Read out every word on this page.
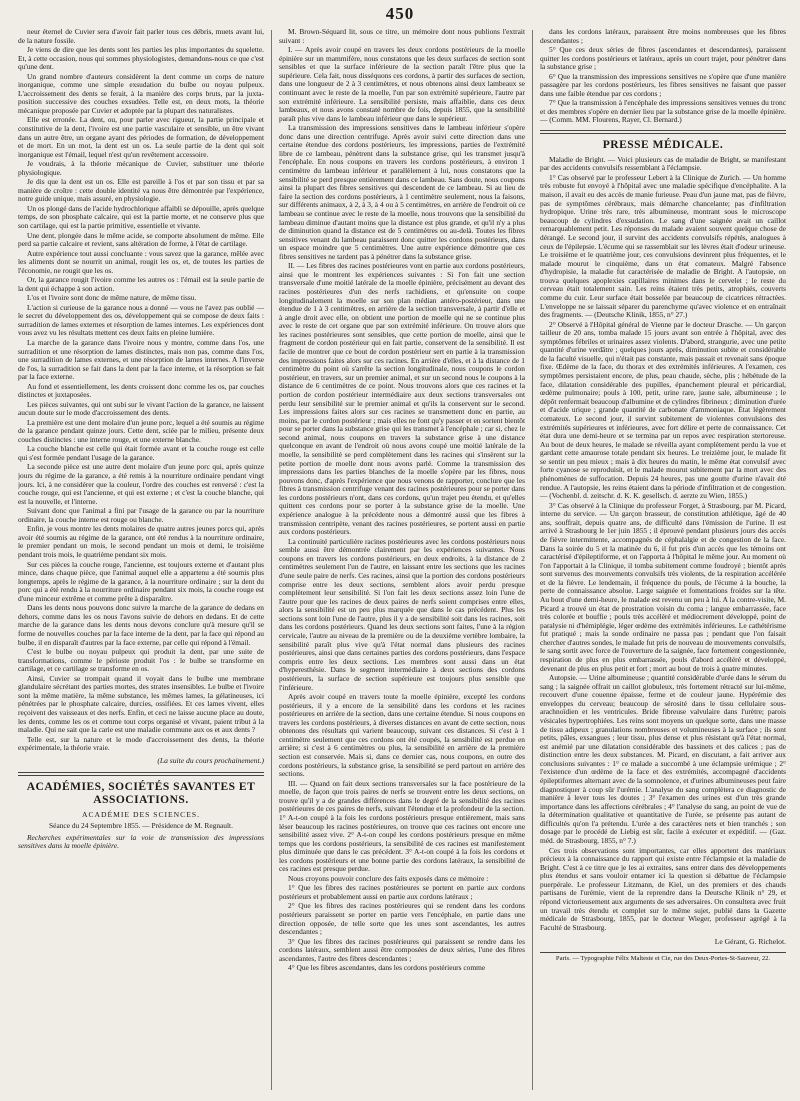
450

neur éternel de Cuvier sera d'avoir fait parler tous ces débris, muets avant lui, de la nature fossile.

Je viens de dire que les dents sont les parties les plus importantes du squelette. Et, à cette occasion, nous qui sommes physiologistes, demandons-nous ce que c'est qu'une dent.

Un grand nombre d'auteurs considèrent la dent comme un corps de nature inorganique, comme une simple exsudation du bulbe ou noyau pulpeux. L'accroissement des dents se ferait, à la manière des corps bruts, par la juxta-position successive des couches exsudées. Telle est, en deux mots, la théorie mécanique proposée par Cuvier et adoptée par la plupart des naturalistes.

Elle est erronée. La dent, ou, pour parler avec rigueur, la partie principale et constitutive de la dent, l'ivoire est une partie vasculaire et sensible, un être vivant dans un autre être, un organe ayant des périodes de formation, de développement et de mort. En un mot, la dent est un os. La seule partie de la dent qui soit inorganique est l'émail, lequel n'est qu'un revêtement accessoire.

Je voudrais, à la théorie mécanique de Cuvier, substituer une théorie physiologique.

Je dis que la dent est un os. Elle est pareille à l'os et par son tissu et par sa manière de croître : cette double identité va nous être démontrée par l'expérience, notre guide unique, mais assuré, en physiologie.

Un os plongé dans de l'acide hydrochlorique affaibli se dépouille, après quelque temps, de son phosphate calcaire, qui est la partie morte, et ne conserve plus que son cartilage, qui est la partie primitive, essentielle et vivante.

Une dent, plongée dans le même acide, se comporte absolument de même. Elle perd sa partie calcaire et revient, sans altération de forme, à l'état de cartilage.

Autre expérience tout aussi concluante : vous savez que la garance, mêlée avec les aliments dont se nourrit un animal, rougit les os, et, de toutes les parties de l'économie, ne rougit que les os.

Or, la garance rougit l'ivoire comme les autres os : l'émail est la seule partie de la dent qui échappe à son action.

L'os et l'ivoire sont donc de même nature, de même tissu.

L'action si curieuse de la garance nous a donné — vous ne l'avez pas oublié — le secret du développement des os, développement qui se compose de deux faits : surradition de lames externes et résorption de lames internes. Les expériences dont vous avez vu les résultats mettent ces deux faits en pleine lumière.

La marche de la garance dans l'ivoire nous y montre, comme dans l'os, une surradition et une résorption de lames distinctes, mais non pas, comme dans l'os, une surradition de lames externes, et une résorption de lames internes. A l'inverse de l'os, la surradition se fait dans la dent par la face interne, et la résorption se fait par la face externe.

Au fond et essentiellement, les dents croissent donc comme les os, par couches distinctes et juxtaposées.

Les pièces suivantes, qui ont subi sur le vivant l'action de la garance, ne laissent aucun doute sur le mode d'accroissement des dents.

La première est une dent molaire d'un jeune porc, lequel a été soumis au régime de la garance pendant quinze jours. Cette dent, sciée par le milieu, présente deux couches distinctes : une interne rouge, et une externe blanche.

La couche blanche est celle qui était formée avant et la couche rouge est celle qui s'est formée pendant l'usage de la garance.

La seconde pièce est une autre dent molaire d'un jeune porc qui, après quinze jours du régime de la garance, a été remis à la nourriture ordinaire pendant vingt jours. Ici, à ne considérer que la couleur, l'ordre des couches est renversé : c'est la couche rouge, qui est l'ancienne, et qui est externe ; et c'est la couche blanche, qui est la nouvelle, et l'interne.

Suivant donc que l'animal a fini par l'usage de la garance ou par la nourriture ordinaire, la couche interne est rouge ou blanche.

Enfin, je vous montre les dents molaires de quatre autres jeunes porcs qui, après avoir été soumis au régime de la garance, ont été rendus à la nourriture ordinaire, le premier pendant un mois, le second pendant un mois et demi, le troisième pendant trois mois, le quatrième pendant six mois.

Sur ces pièces la couche rouge, l'ancienne, est toujours externe et d'autant plus mince, dans chaque pièce, que l'animal auquel elle a appartenu a été soumis plus longtemps, après le régime de la garance, à la nourriture ordinaire ; sur la dent du porc qui a été rendu à la nourriture ordinaire pendant six mois, la couche rouge est d'une minceur extrême et comme prête à disparaître.

Dans les dents nous pouvons donc suivre la marche de la garance de dedans en dehors, comme dans les os nous l'avons suivie de dehors en dedans. Et de cette marche de la garance dans les dents nous devons conclure qu'à mesure qu'il se forme de nouvelles couches par la face interne de la dent, par la face qui répond au bulbe, il en disparaît d'autres par la face externe, par celle qui répond à l'émail.

C'est le bulbe ou noyau pulpeux qui produit la dent, par une suite de transformations, comme le périoste produit l'os : le bulbe se transforme en cartilage, et ce cartilage se transforme en os.

Ainsi, Cuvier se trompait quand il voyait dans le bulbe une membrane glandulaire sécrétant des parties mortes, des strates insensibles. Le bulbe et l'ivoire sont la même matière, la même substance, les mêmes lames, la gélatineuses, ici pénétrées par le phosphate calcaire, durcies, ossifiées. Et ces lames vivent, elles reçoivent des vaisseaux et des nerfs. Enfin, et ceci ne laisse aucune place au doute, les dents, comme les os et comme tout corps organisé et vivant, paient tribut à la maladie. Qui ne sait que la carie est une maladie commune aux os et aux dents ?

Telle est, sur la nature et le mode d'accroissement des dents, la théorie expérimentale, la théorie vraie.

(La suite du cours prochainement.)
ACADÉMIES, SOCIÉTÉS SAVANTES ET ASSOCIATIONS.
ACADÉMIE DES SCIENCES.
Séance du 24 Septembre 1855. — Présidence de M. Regnault.

Recherches expérimentales sur la voie de transmission des impressions sensitives dans la moelle épinière.

M. Brown-Séquard lit, sous ce titre, un mémoire dont nous publions l'extrait suivant :

I. — Après avoir coupé en travers les deux cordons postérieurs de la moelle épinière sur un mammifère, nous constatons que les deux surfaces de section sont sensibles et que la surface inférieure de la section paraît l'être plus que la supérieure. Cela fait, nous disséquons ces cordons, à partir des surfaces de section, dans une longueur de 2 à 3 centimètres, et nous obtenons ainsi deux lambeaux se continuant avec le reste de la moelle, l'un par son extrémité supérieure, l'autre par son extrémité inférieure. La sensibilité persiste, mais affaiblie, dans ces deux lambeaux, et nous avons constaté nombre de fois, depuis 1855, que la sensibilité paraît plus vive dans le lambeau inférieur que dans le supérieur.

La transmission des impressions sensitives dans le lambeau inférieur s'opère donc dans une direction centrifuge. Après avoir suivi cette direction dans une certaine étendue des cordons postérieurs, les impressions, parties de l'extrémité libre de ce lambeau, pénètrent dans la substance grise, qui les transmet jusqu'à l'encéphale. En nous coupons en travers les cordons postérieurs, à environ 1 centimètre du lambeau inférieur et parallèlement à lui, nous constatons que la sensibilité se perd presque entièrement dans ce lambeau. Sans doute, nous coupons ainsi la plupart des fibres sensitives qui descendent de ce lambeau. Si au lieu de faire la section des cordons postérieurs, à 1 centimètre seulement, nous la faisons, sur différents animaux, à 2, à 3, à 4 ou à 5 centimètres, en arrière de l'endroit où ce lambeau se continue avec le reste de la moelle, nous trouvons que la sensibilité du lambeau diminue d'autant moins que la distance est plus grande, et qu'il n'y a plus de diminution quand la distance est de 5 centimètres ou au-delà. Toutes les fibres sensitives venant du lambeau paraissent donc quitter les cordons postérieurs, dans un espace moindre que 5 centimètres. Une autre expérience démontre que ces fibres sensitives ne tardent pas à pénétrer dans la substance grise.

II. — Les fibres des racines postérieures vont en partie aux cordons postérieurs, ainsi que le montrent les expériences suivantes : Si l'on fait une section transversale d'une moitié latérale de la moelle épinière, précisément au devant des racines postérieures d'un des nerfs rachidiens, et qu'ensuite on coupe longitudinalement la moelle sur son plan médian antéro-postérieur, dans une étendue de 1 à 3 centimètres, en arrière de la section transversale, à partir d'elle et à angle droit avec elle, on obtient une portion de moelle qui ne se continue plus avec le reste de cet organe que par son extrémité inférieure. On trouve alors que les racines postérieures sont sensibles, que cette portion de moelle, ainsi que le fragment de cordon postérieur qui en fait partie, conservent de la sensibilité. Il est facile de montrer que ce bout de cordon postérieur sert en partie à la transmission des impressions faites alors sur ces racines. En arrière d'elles, et à la distance de 1 centimètre du point où s'arrête la section longitudinale, nous coupons le cordon postérieur, en travers, sur un premier animal, et sur un second nous le coupons à la distance de 6 centimètres de ce point. Nous trouvons alors que ces racines et la portion de cordon postérieur intermédiaire aux deux sections transversales ont perdu leur sensibilité sur le premier animal et qu'ils la conservent sur le second. Les impressions faites alors sur ces racines se transmettent donc en partie, au moins, par le cordon postérieur ; mais elles ne font qu'y passer et en sortent bientôt pour se porter dans la substance grise qui les transmet à l'encéphale ; car si, chez le second animal, nous coupons en travers la substance grise à une distance quelconque en avant de l'endroit où nous avons coupé une moitié latérale de la moelle, la sensibilité se perd complètement dans les racines qui s'insèrent sur la petite portion de moelle dont nous avons parlé. Comme la transmission des impressions dans les parties blanches de la moelle s'opère par les fibres, nous pouvons donc, d'après l'expérience que nous venons de rapporter, conclure que les fibres à transmission centrifuge venant des racines postérieures pour se porter dans les cordons postérieurs n'ont, dans ces cordons, qu'un trajet peu étendu, et qu'elles quittent ces cordons pour se porter à la substance grise de la moelle. Une expérience analogue à la précédente nous a démontré aussi que les fibres à transmission centripète, venant des racines postérieures, se portent aussi en partie aux cordons postérieurs.

La continuité particulière racines postérieures avec les cordons postérieurs nous semble aussi être démontrée clairement par les expériences suivantes. Nous coupons en travers les cordons postérieurs, en deux endroits, à la distance de 2 centimètres seulement l'un de l'autre, en laissant entre les sections que les racines d'une seule paire de nerfs. Ces racines, ainsi que la portion des cordons postérieurs comprise entre les deux sections, semblent alors avoir perdu presque complètement leur sensibilité. Si l'on fait les deux sections assez loin l'une de l'autre pour que les racines de deux paires de nerfs soient comprises entre elles, alors la sensibilité est un peu plus marquée que dans le cas précédent. Plus les sections sont loin l'une de l'autre, plus il y a de sensibilité soit dans les racines, soit dans les cordons postérieurs. Quand les deux sections sont faites, l'une à la région cervicale, l'autre au niveau de la première ou de la deuxième vertèbre lombaire, la sensibilité paraît plus vive qu'à l'état normal dans plusieurs des racines postérieures, ainsi que dans certaines parties des cordons postérieurs, dans l'espace compris entre les deux sections. Les membres sont aussi dans un état d'hyperesthésie. Dans le segment intermédiaire à deux sections des cordons postérieurs, la surface de section supérieure est toujours plus sensible que l'inférieure.

Après avoir coupé en travers toute la moelle épinière, excepté les cordons postérieurs, il y a encore de la sensibilité dans les cordons et les racines postérieures en arrière de la section, dans une certaine étendue. Si nous coupons en travers les cordons postérieurs, à diverses distances en avant de cette section, nous obtenons des résultats qui varient beaucoup, suivant ces distances. Si c'est à 1 centimètre seulement que ces cordons ont été coupés, la sensibilité est perdue en arrière; si c'est à 6 centimètres ou plus, la sensibilité en arrière de la première section est conservée. Mais si, dans ce dernier cas, nous coupons, en outre des cordons postérieurs, la substance grise, la sensibilité se perd partout en arrière des sections.

III. — Quand on fait deux sections transversales sur la face postérieure de la moelle, de façon que trois paires de nerfs se trouvent entre les deux sections, on trouve qu'il y a de grandes différences dans le degré de la sensibilité des racines postérieures de ces paires de nerfs, suivant l'étendue et la profondeur de la section. 1° A-t-on coupé à la fois les cordons postérieurs presque entièrement, mais sans léser beaucoup les racines postérieures, on trouve que ces racines ont encore une sensibilité assez vive. 2° A-t-on coupé les cordons postérieurs presque en même temps que les cordons postérieurs, la sensibilité de ces racines est manifestement plus diminuée que dans le cas précédent. 3° A-t-on coupé à la fois les cordons et les cordons postérieurs et une bonne partie des cordons latéraux, la sensibilité de ces racines est presque perdue.

Nous croyons pouvoir conclure des faits exposés dans ce mémoire :

1° Que les fibres des racines postérieures se portent en partie aux cordons postérieurs et probablement aussi en partie aux cordons latéraux ;

2° Que les fibres des racines postérieures qui se rendent dans les cordons postérieurs paraissent se porter en partie vers l'encéphale, en partie dans une direction opposée, de telle sorte que les unes sont ascendantes, les autres descendantes ;

3° Que les fibres des racines postérieures qui paraissent se rendre dans les cordons latéraux, semblent aussi être composées de deux séries, l'une des fibres ascendantes, l'autre des fibres descendantes ;

4° Que les fibres ascendantes, dans les cordons postérieurs comme

dans les cordons latéraux, paraissent être moins nombreuses que les fibres descendantes ;

5° Que ces deux séries de fibres (ascendantes et descendantes), paraissent quitter les cordons postérieurs et latéraux, après un court trajet, pour pénétrer dans la substance grise ;

6° Que la transmission des impressions sensitives ne s'opère que d'une manière passagère par les cordons postérieurs, les fibres sensitives ne faisant que passer dans une faible étendue par ces cordons ;

7° Que la transmission à l'encéphale des impressions sensitives venues du tronc et des membres s'opère en dernier lieu par la substance grise de la moelle épinière. — (Comm. MM. Flourens, Rayer, Cl. Bernard.)

PRESSE MÉDICALE.

Maladie de Bright. — Voici plusieurs cas de maladie de Bright, se manifestant par des accidents convulsifs ressemblant à l'éclampsie.

1° Cas observé par le professeur Lebert à la Clinique de Zurich. — Un homme très robuste fut envoyé à l'hôpital avec une maladie spécifique d'encéphalite. A la maison, il avait eu des accès de manie furieuse. Peau d'un jaune mat, pas de fièvre, pas de symptômes cérébraux, mais démarche chancelante; pas d'infiltration hydropique. Urine très rare, très albumineuse, montrant sous le microscope beaucoup de cylindres d'exsudation. Le sang d'une saignée avait un caillot remarquablement petit. Les réponses du malade avaient souvent quelque chose de dérangé. Le second jour, il survint des accidents convulsifs répétés, analogues à ceux de l'épilepsie. L'écume qui se rassemblait sur les lèvres était d'odeur urineuse. Le troisième et le quatrième jour, ces convulsions devinrent plus fréquentes, et le malade mourut le cinquième, dans un état comateux. Malgré l'absence d'hydropisie, la maladie fut caractérisée de maladie de Bright. A l'autopsie, on trouva quelques apoplexies capillaires minimes dans le cervelet ; le reste du cerveau était totalement sain. Les reins étaient très petits, atrophiés, couverts comme du cuir. Leur surface était bosselée par beaucoup de cicatrices rétractées. L'enveloppe ne se laissait séparer du parenchyme qu'avec violence et en entraînait des fragments. — (Deutsche Klinik, 1855, n° 27.)

2° Observé à l'Hôpital général de Vienne par le docteur Drasche. — Un garçon tailleur de 20 ans, tomba malade 15 jours avant son entrée à l'hôpital, avec des symptômes fébriles et urinaires assez violents. D'abord, strangurie, avec une petite quantité d'urine verdâtre ; quelques jours après, diminution subite et considérable de la faculté visuelle, qui n'était pas constante, mais passait et revenait sans époque fixe. Œdème de la face, du thorax et des extrémités inférieures. A l'examen, ces symptômes persistaient encore, de plus, peau chaude, sèche, plis ; hébétude de la face, dilatation considérable des pupilles, épanchement pleural et péricardial, œdème pulmonaire; pouls à 100, petit, urine rare, jaune sale, albumineuse ; le dépôt renfermait beaucoup d'albumine et de cylindres fibrineux ; diminution d'urée et d'acide urique ; grande quantité de carbonate d'ammoniaque. État légèrement comateux. Le second jour, il survint subitement de violentes convulsions des extrémités supérieures et inférieures, avec fort délire et perte de connaissance. Cet état dura une demi-heure et se termina par un repos avec respiration stertoreuse. Au bout de deux heures, le malade se réveilla ayant complètement perdu la vue et gardant cette amaurose totale pendant six heures. Le treizième jour, le malade fit se sentir un peu mieux ; mais à dix heures du matin, le même état convulsif avec forte cyanose se reproduisit, et le malade mourut subitement par la mort avec des phénomènes de suffocation. Depuis 24 heures, pas une goutte d'urine n'avait été rendue. A l'autopsie, les reins étaient dans la période d'infiltration et de congestion. — (Vochenbl. d. zeitschr. d. K. K. gesellsch. d. aerzte zu Wien, 1855.)

3° Cas observé à la Clinique du professeur Forget, à Strasbourg, par M. Picard, interne du service. — Un garçon brasseur, de constitution athlétique, âgé de 40 ans, souffrait, depuis quatre ans, de difficulté dans l'émission de l'urine. Il est arrivé à Strasbourg le 1er juin 1855 ; il éprouvé pendant plusieurs jours des accès de fièvre intermittente, accompagnés de céphalalgie et de congestion de la face. Dans la soirée du 5 et la matinée du 6, il fut pris d'un accès que les témoins ont caractérisé d'épileptiforme, et on l'apporta à l'hôpital le même jour. Au moment où l'on l'apportait à la Clinique, il tomba subitement comme foudroyé ; bientôt après sont survenus des mouvements convulsifs très violents, de la respiration accélérée et de la fièvre. Le lendemain, il fréquence du pouls, de l'écume à la bouche, la perte de connaissance absolue. Large saignée et fomentations froides sur la tête. Au bout d'une demi-heure, le malade est revenu un peu à lui. A la contre-visite, M. Picard a trouvé un état de prostration voisin du coma ; langue embarrassée, face très colorée et bouffie ; pouls très accéléré et médiocrement développé, point de paralysie ni d'hémiplégie, léger œdème des extrémités inférieures. Le cathétérisme fut pratiqué ; mais la sonde ordinaire ne passa pas ; pendant que l'on faisait chercher d'autres sondes, le malade fut pris de nouveau de mouvements convulsifs, le sang sortit avec force de l'ouverture de la saignée, face fortement congestionnée, respiration de plus en plus embarrassée, pouls d'abord accéléré et développé, devenant de plus en plus petit et fort ; mort au bout de trois à quatre minutes.

Autopsie. — Urine albumineuse ; quantité considérable d'urée dans le sérum du sang ; la saignée offrait un caillot globuleux, très fortement rétracté sur lui-même, recouvert d'une couenne épaisse, ferme et de couleur jaune. Hypérémie des enveloppes du cerveau; beaucoup de sérosité dans le tissu cellulaire sous-arachnoïdien et les ventricules. Bride fibreuse valvulaire dans l'urètre; parois vésicales hypertrophiées. Les reins sont moyens un quelque sorte, dans une masse de tissu adipeux ; granulations nombreuses et volumineuses à la surface ; ils sont petits, pâles, exsangues ; leur tissu, plus dense et plus résistant qu'à l'état normal, est anémié par une dilatation considérable des bassinets et des calices ; pas de distinction entre les deux substances. M. Picard, en discutant, a fait arriver aux conclusions suivantes : 1° ce malade a succombé à une éclampsie urémique ; 2° l'existence d'un œdème de la face et des extrémités, accompagné d'accidents épileptiformes alternant avec de la somnolence, et d'urines albumineuses peut faire diagnostiquer à coup sûr l'urémie. L'analyse du sang complètera ce diagnostic de manière à lever tous les doutes ; 3° l'examen des urines est d'un très grande importance dans les affections cérébrales ; 4° l'analyse du sang, au point de vue de la détermination qualitative et quantitative de l'urée, se présente pas autant de difficultés qu'on l'a prétendu. L'urée a des caractères nets et bien tranchés ; son dosage par le procédé de Liebig est sûr, facile à exécuter et expéditif. — (Gaz. méd. de Strasbourg, 1855, n° 7.)

Ces trois observations sont importantes, car elles apportent des matériaux précieux à la connaissance du rapport qui existe entre l'éclampsie et la maladie de Bright. C'est à ce titre que je les ai extraites, sans entrer dans des développements plus étendus et sans vouloir entamer ici la question si débattue de l'éclampsie puerpérale. Le professeur Litzmann, de Kiel, un des premiers et des chauds partisans de l'urémie, vient de la reprendre dans la Deutsche Klinik n° 29, et répond victorieusement aux arguments de ses adversaires. On consultera avec fruit un travail très étendu et complet sur le même sujet, publié dans la Gazette médicale de Strasbourg, 1855, par le docteur Wieger, professeur agrégé à la Faculté de Strasbourg.

Le Gérant, G. Richelot.
Paris. — Typographie Félix Malteste et Cie, rue des Deux-Portes-St-Sauveur, 22.
